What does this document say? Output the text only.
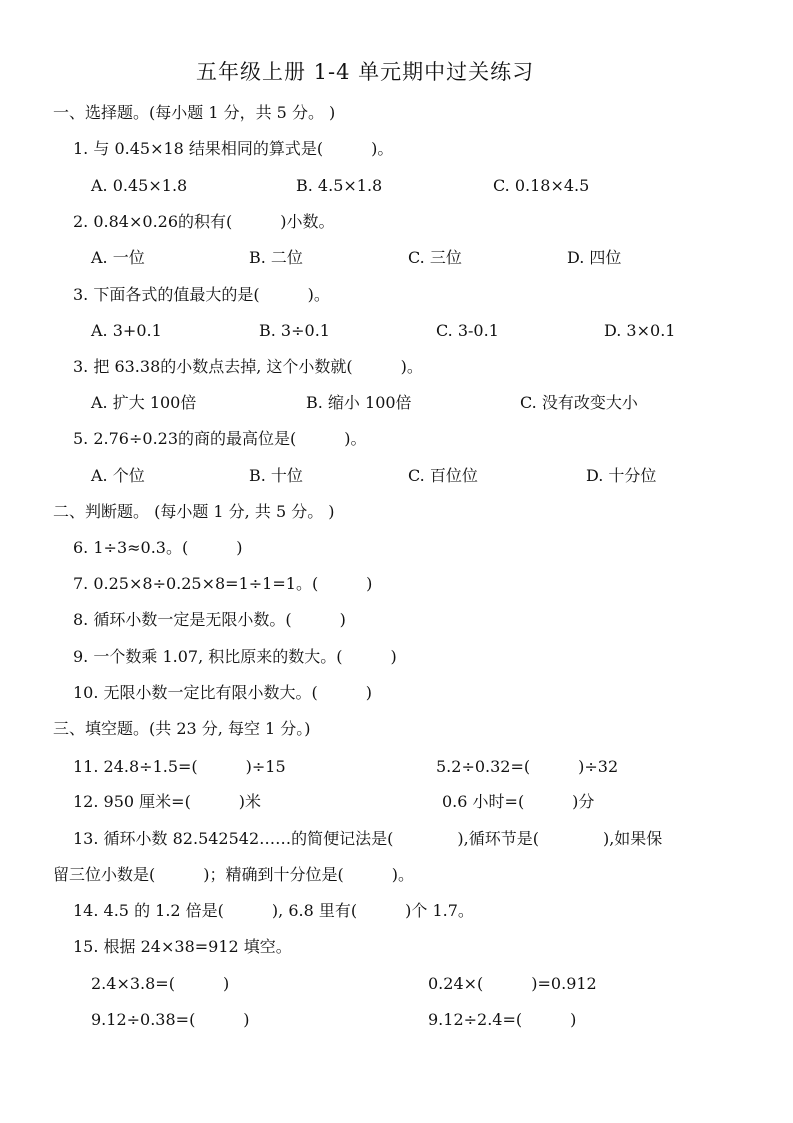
五年级上册 1-4 单元期中过关练习
一、选择题。(每小题 1 分，共 5 分。 )
1. 与 0.45×18 结果相同的算式是(　　　)。
A. 0.45×1.8	B. 4.5×1.8	C. 0.18×4.5
2. 0.84×0.26的积有(　　　)小数。
A. 一位	B. 二位	C. 三位	D. 四位
3. 下面各式的值最大的是(　　　)。
A. 3+0.1	B. 3÷0.1	C. 3-0.1	D. 3×0.1
3. 把 63.38的小数点去掉, 这个小数就(　　　)。
A. 扩大 100倍	B. 缩小 100倍	C. 没有改变大小
5. 2.76÷0.23的商的最高位是(　　　)。
A. 个位	B. 十位	C. 百位位	D. 十分位
二、判断题。 (每小题 1 分, 共 5 分。 )
6. 1÷3≈0.3。(　　　)
7. 0.25×8÷0.25×8=1÷1=1。(　　　)
8. 循环小数一定是无限小数。(　　　)
9. 一个数乘 1.07, 积比原来的数大。(　　　)
10. 无限小数一定比有限小数大。(　　　)
三、填空题。(共 23 分, 每空 1 分。)
11. 24.8÷1.5=(　　　)÷15	5.2÷0.32=(　　　)÷32
12. 950 厘米=(　　　)米	0.6 小时=(　　　)分
13. 循环小数 82.542542……的简便记法是(　　　　),循环节是(　　　　),如果保
留三位小数是(　　　)；精确到十分位是(　　　)。
14. 4.5 的 1.2 倍是(　　　), 6.8 里有(　　　)个 1.7。
15. 根据 24×38=912 填空。
2.4×3.8=(　　　)	0.24×(　　　)=0.912
9.12÷0.38=(　　　)	9.12÷2.4=(　　　)
